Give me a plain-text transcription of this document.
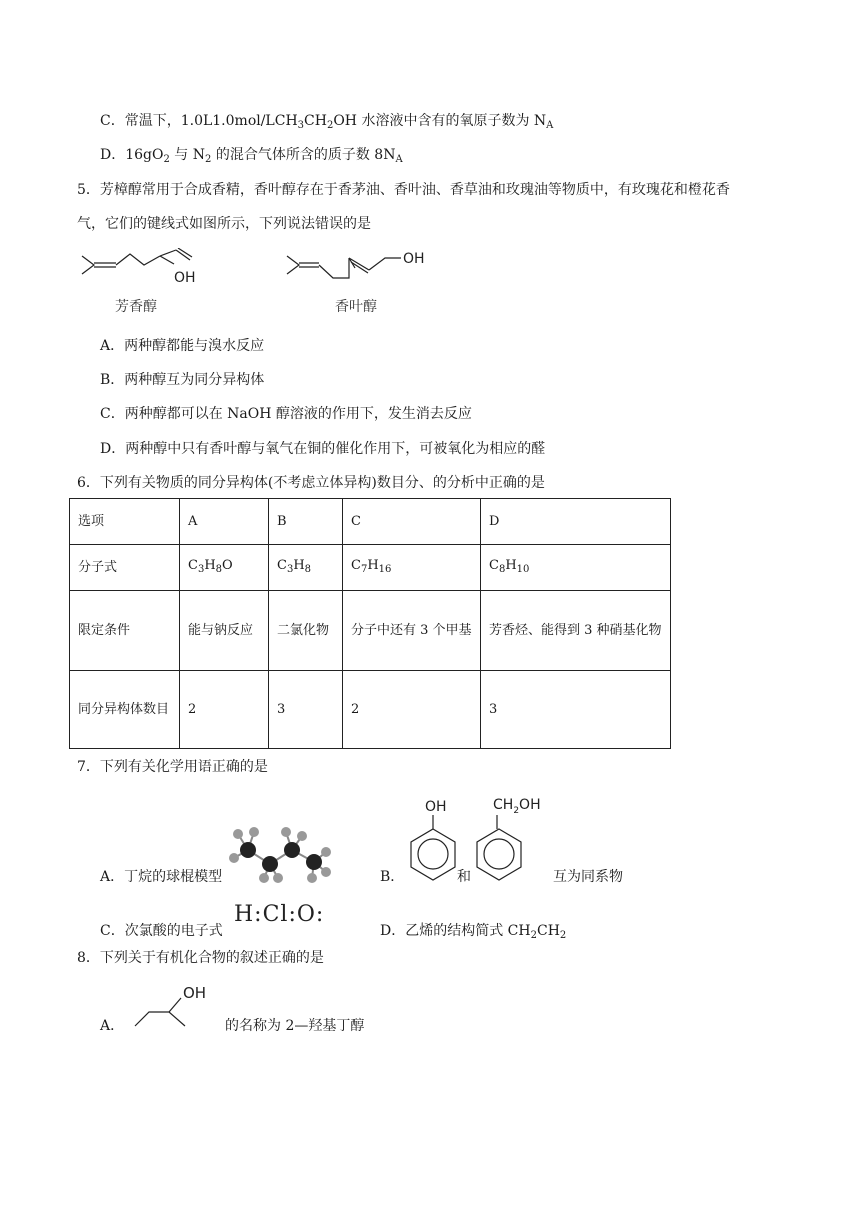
C．常温下，$1.0L1.0mol/LCH_3CH_2OH$ 水溶液中含有的氧原子数为 $N_A$
D．$16gO_2$ 与 $N_2$ 的混合气体所含的质子数 $8N_A$
5．芳樟醇常用于合成香精，香叶醇存在于香茅油、香叶油、香草油和玫瑰油等物质中，有玫瑰花和橙花香
气，它们的键线式如图所示，下列说法错误的是
OH
芳香醇
OH
香叶醇
A．两种醇都能与溴水反应
B．两种醇互为同分异构体
C．两种醇都可以在 NaOH 醇溶液的作用下，发生消去反应
D．两种醇中只有香叶醇与氧气在铜的催化作用下，可被氧化为相应的醛
6．下列有关物质的同分异构体(不考虑立体异构)数目分、的分析中正确的是
选项	A	B	C	D
分子式	$C_3H_8O$	$C_3H_8$	$C_7H_{16}$	$C_8H_{10}$
限定条件	能与钠反应	二氯化物	分子中还有 3 个甲基	芳香烃、能得到 3 种硝基化物
同分异构体数目	2	3	2	3
7．下列有关化学用语正确的是
A．丁烷的球棍模型	B．
OH
和
$CH_2OH$
互为同系物
C．次氯酸的电子式
H:Cl:O:
D．乙烯的结构简式 $CH_2CH_2$
8．下列关于有机化合物的叙述正确的是
A．
OH
的名称为 2—羟基丁醇
